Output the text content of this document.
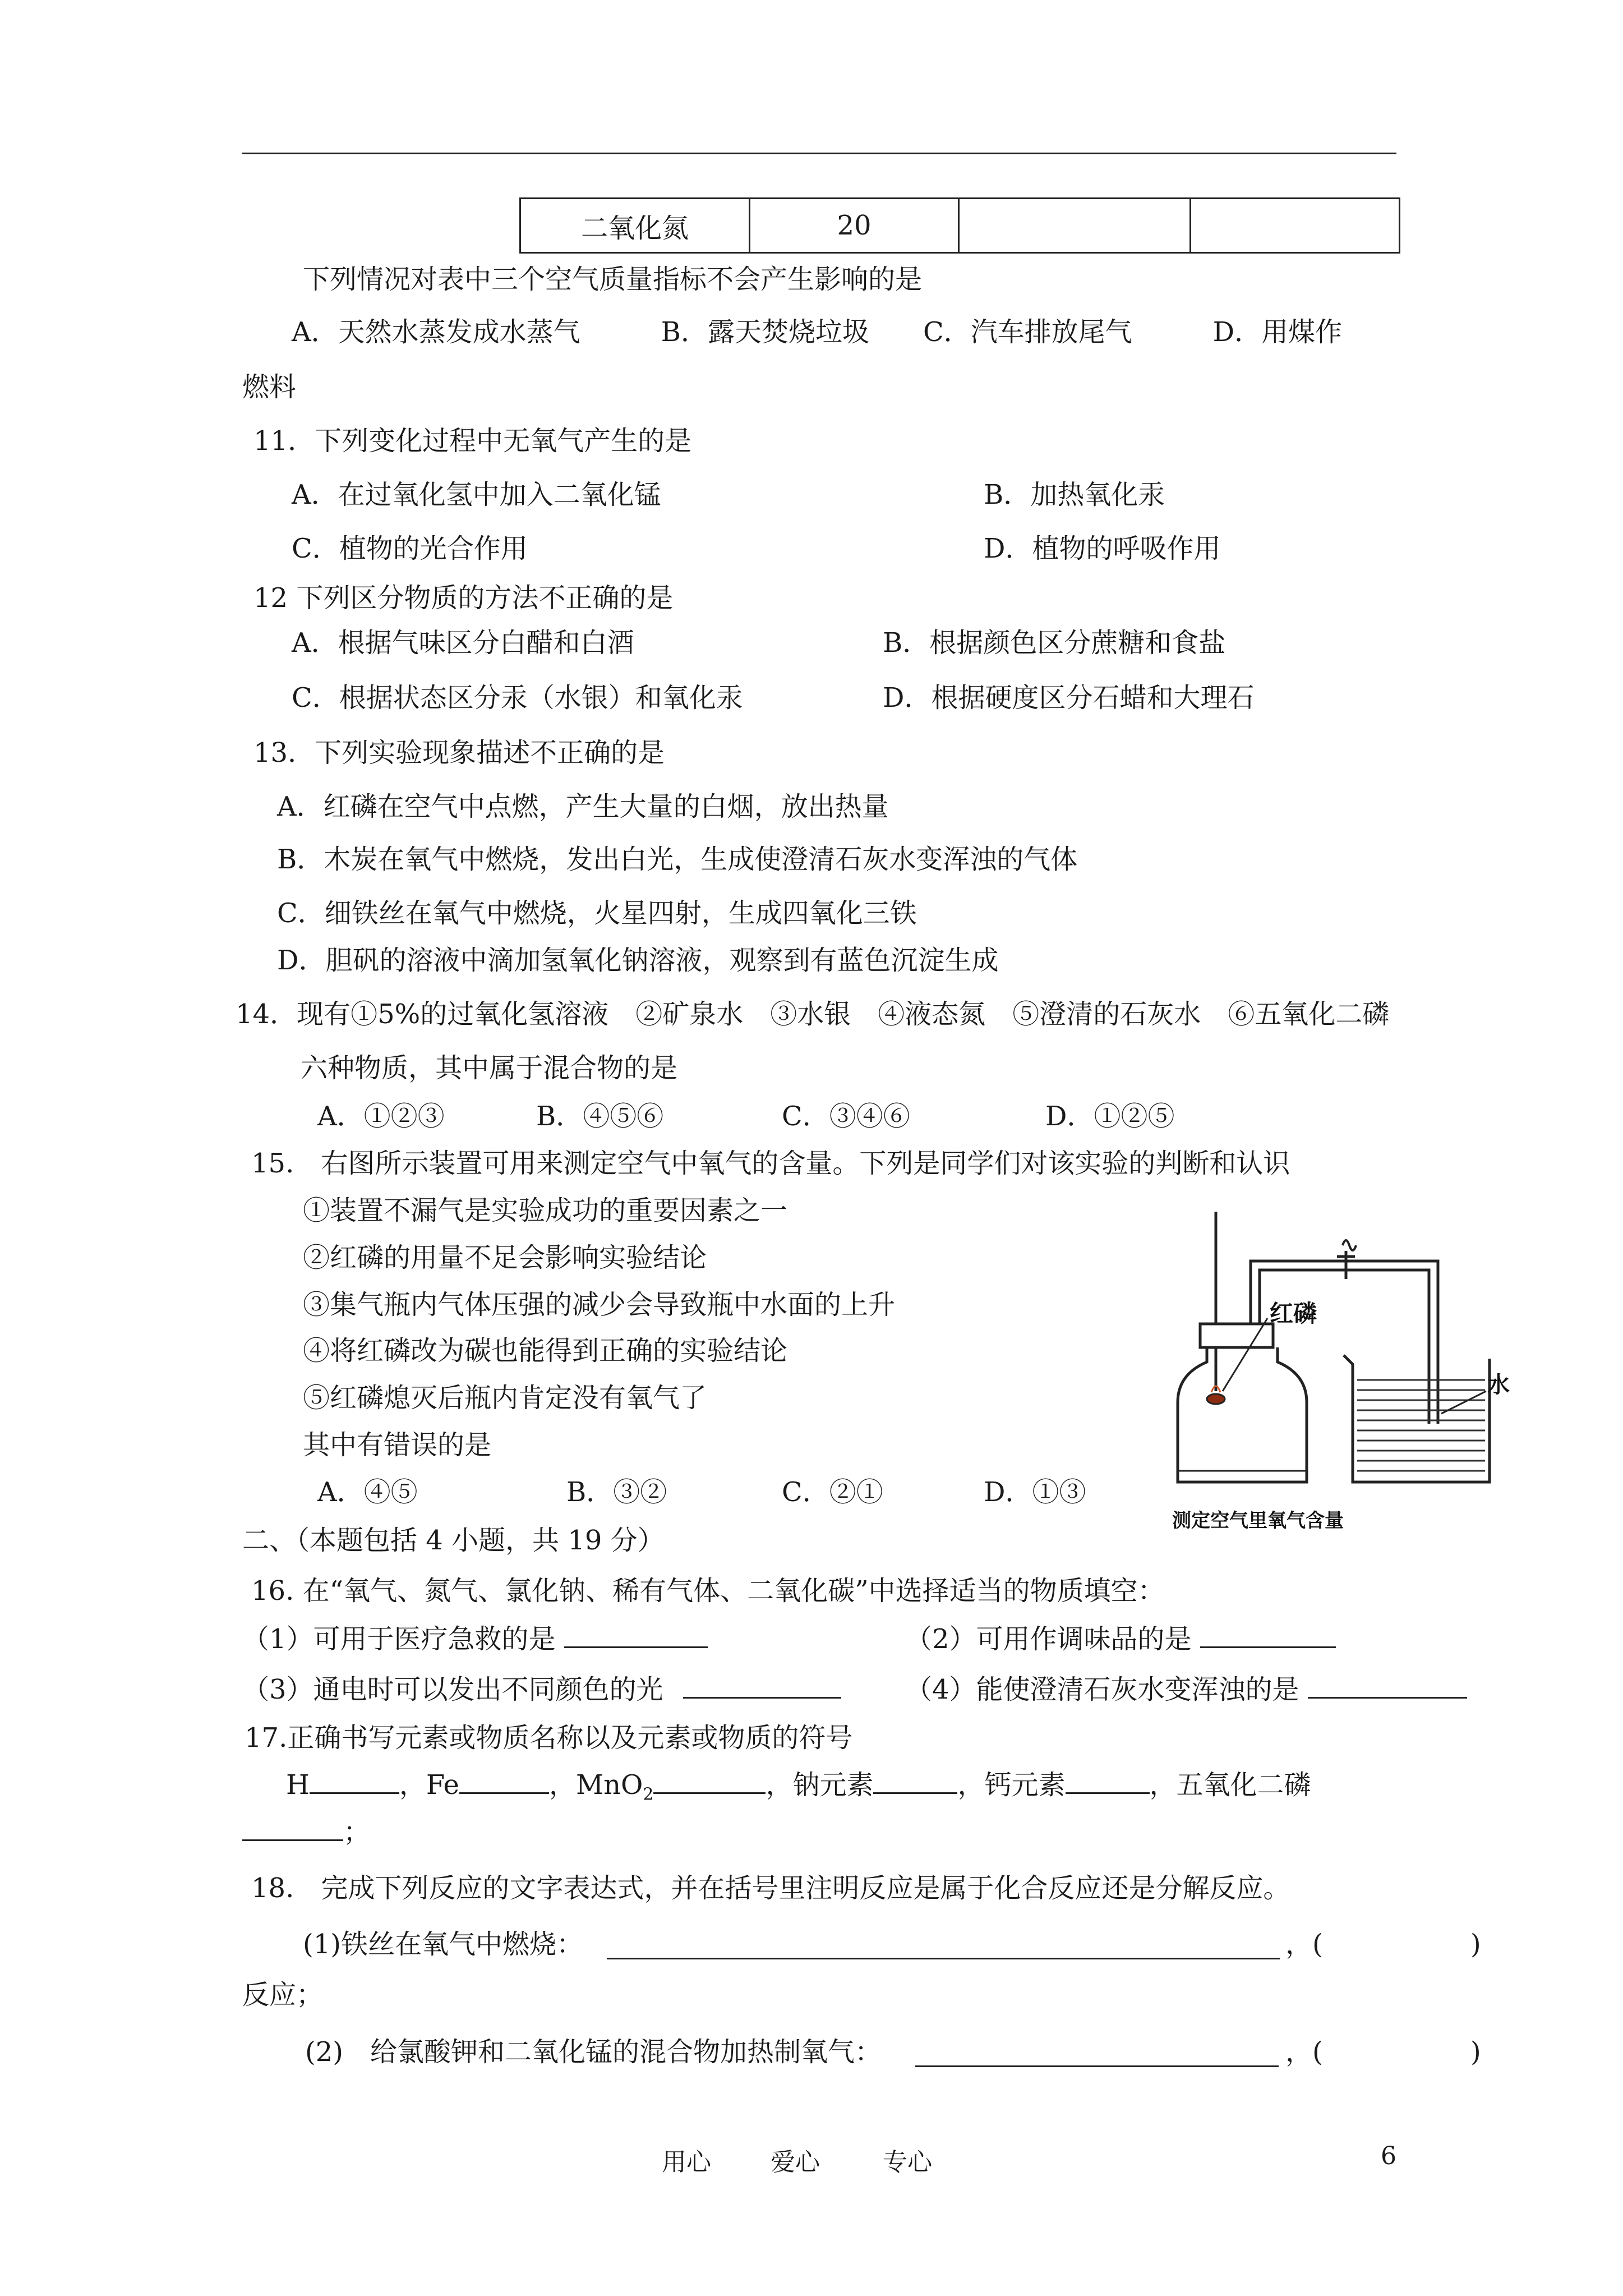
二氧化氮	20		
下列情况对表中三个空气质量指标不会产生影响的是
A．天然水蒸发成水蒸气　　　B．露天焚烧垃圾　　C．汽车排放尾气　　　D．用煤作
燃料
11．下列变化过程中无氧气产生的是
A．在过氧化氢中加入二氧化锰	B．加热氧化汞
C．植物的光合作用	D．植物的呼吸作用
12 下列区分物质的方法不正确的是
A．根据气味区分白醋和白酒	B．根据颜色区分蔗糖和食盐
C．根据状态区分汞（水银）和氧化汞	D．根据硬度区分石蜡和大理石
13．下列实验现象描述不正确的是
A．红磷在空气中点燃，产生大量的白烟，放出热量
B．木炭在氧气中燃烧，发出白光，生成使澄清石灰水变浑浊的气体
C．细铁丝在氧气中燃烧，火星四射，生成四氧化三铁
D．胆矾的溶液中滴加氢氧化钠溶液，观察到有蓝色沉淀生成
14．现有①5%的过氧化氢溶液　②矿泉水　③水银　④液态氮　⑤澄清的石灰水　⑥五氧化二磷
六种物质，其中属于混合物的是
A．①②③	B．④⑤⑥	C．③④⑥	D．①②⑤
15.　右图所示装置可用来测定空气中氧气的含量。下列是同学们对该实验的判断和认识
①装置不漏气是实验成功的重要因素之一
②红磷的用量不足会影响实验结论
③集气瓶内气体压强的减少会导致瓶中水面的上升
④将红磷改为碳也能得到正确的实验结论
⑤红磷熄灭后瓶内肯定没有氧气了
其中有错误的是
A．④⑤	B．③②	C．②①	D．①③
红磷
水
测定空气里氧气含量
二、（本题包括 4 小题，共 19 分）
16. 在“氧气、氮气、氯化钠、稀有气体、二氧化碳”中选择适当的物质填空：
（1）可用于医疗急救的是	（2）可用作调味品的是
（3）通电时可以发出不同颜色的光	（4）能使澄清石灰水变浑浊的是
17.正确书写元素或物质名称以及元素或物质的符号
H	，Fe	，MnO$_2$	，钠元素	，钙元素	，五氧化二磷
；
18.　完成下列反应的文字表达式，并在括号里注明反应是属于化合反应还是分解反应。
(1)铁丝在氧气中燃烧：	，(	)
反应；
(2)　给氯酸钾和二氧化锰的混合物加热制氧气：	，(	)
用心 爱心	专心	6
